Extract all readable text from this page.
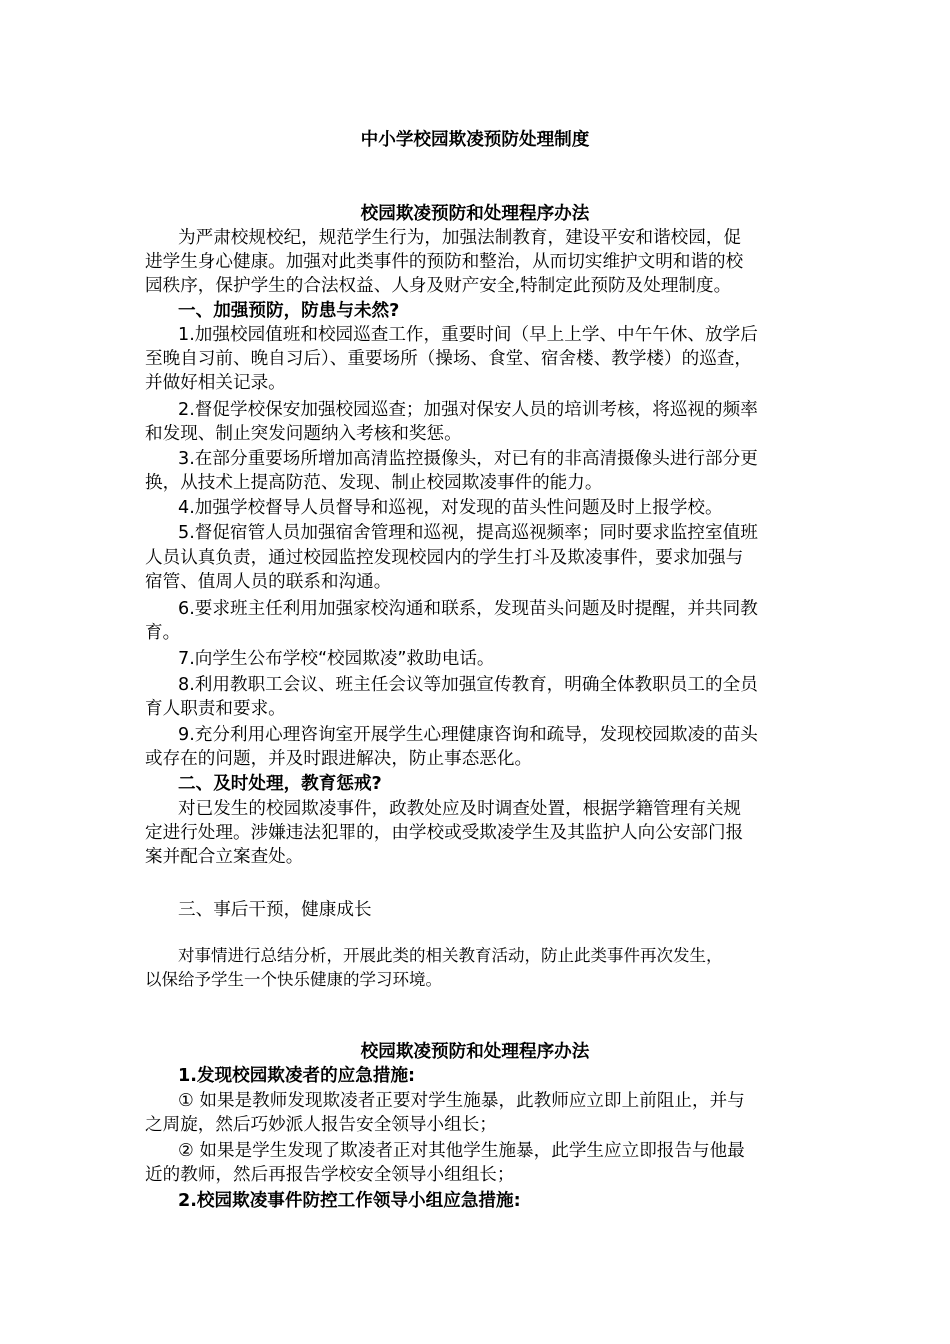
中小学校园欺凌预防处理制度
校园欺凌预防和处理程序办法
为严肃校规校纪，规范学生行为，加强法制教育，建设平安和谐校园，促
进学生身心健康。加强对此类事件的预防和整治，从而切实维护文明和谐的校
园秩序，保护学生的合法权益、人身及财产安全,特制定此预防及处理制度。
一、加强预防，防患与未然?
1.加强校园值班和校园巡查工作，重要时间（早上上学、中午午休、放学后
至晚自习前、晚自习后）、重要场所（操场、食堂、宿舍楼、教学楼）的巡查，
并做好相关记录。
2.督促学校保安加强校园巡查；加强对保安人员的培训考核，将巡视的频率
和发现、制止突发问题纳入考核和奖惩。
3.在部分重要场所增加高清监控摄像头，对已有的非高清摄像头进行部分更
换，从技术上提高防范、发现、制止校园欺凌事件的能力。
4.加强学校督导人员督导和巡视，对发现的苗头性问题及时上报学校。
5.督促宿管人员加强宿舍管理和巡视，提高巡视频率；同时要求监控室值班
人员认真负责，通过校园监控发现校园内的学生打斗及欺凌事件，要求加强与
宿管、值周人员的联系和沟通。
6.要求班主任利用加强家校沟通和联系，发现苗头问题及时提醒，并共同教
育。
7.向学生公布学校“校园欺凌”救助电话。
8.利用教职工会议、班主任会议等加强宣传教育，明确全体教职员工的全员
育人职责和要求。
9.充分利用心理咨询室开展学生心理健康咨询和疏导，发现校园欺凌的苗头
或存在的问题，并及时跟进解决，防止事态恶化。
二、及时处理，教育惩戒?
对已发生的校园欺凌事件，政教处应及时调查处置，根据学籍管理有关规
定进行处理。涉嫌违法犯罪的，由学校或受欺凌学生及其监护人向公安部门报
案并配合立案查处。
三、事后干预，健康成长
对事情进行总结分析，开展此类的相关教育活动，防止此类事件再次发生，
以保给予学生一个快乐健康的学习环境。
校园欺凌预防和处理程序办法
1.发现校园欺凌者的应急措施:
① 如果是教师发现欺凌者正要对学生施暴，此教师应立即上前阻止，并与
之周旋，然后巧妙派人报告安全领导小组长；
② 如果是学生发现了欺凌者正对其他学生施暴，此学生应立即报告与他最
近的教师，然后再报告学校安全领导小组组长；
2.校园欺凌事件防控工作领导小组应急措施:
